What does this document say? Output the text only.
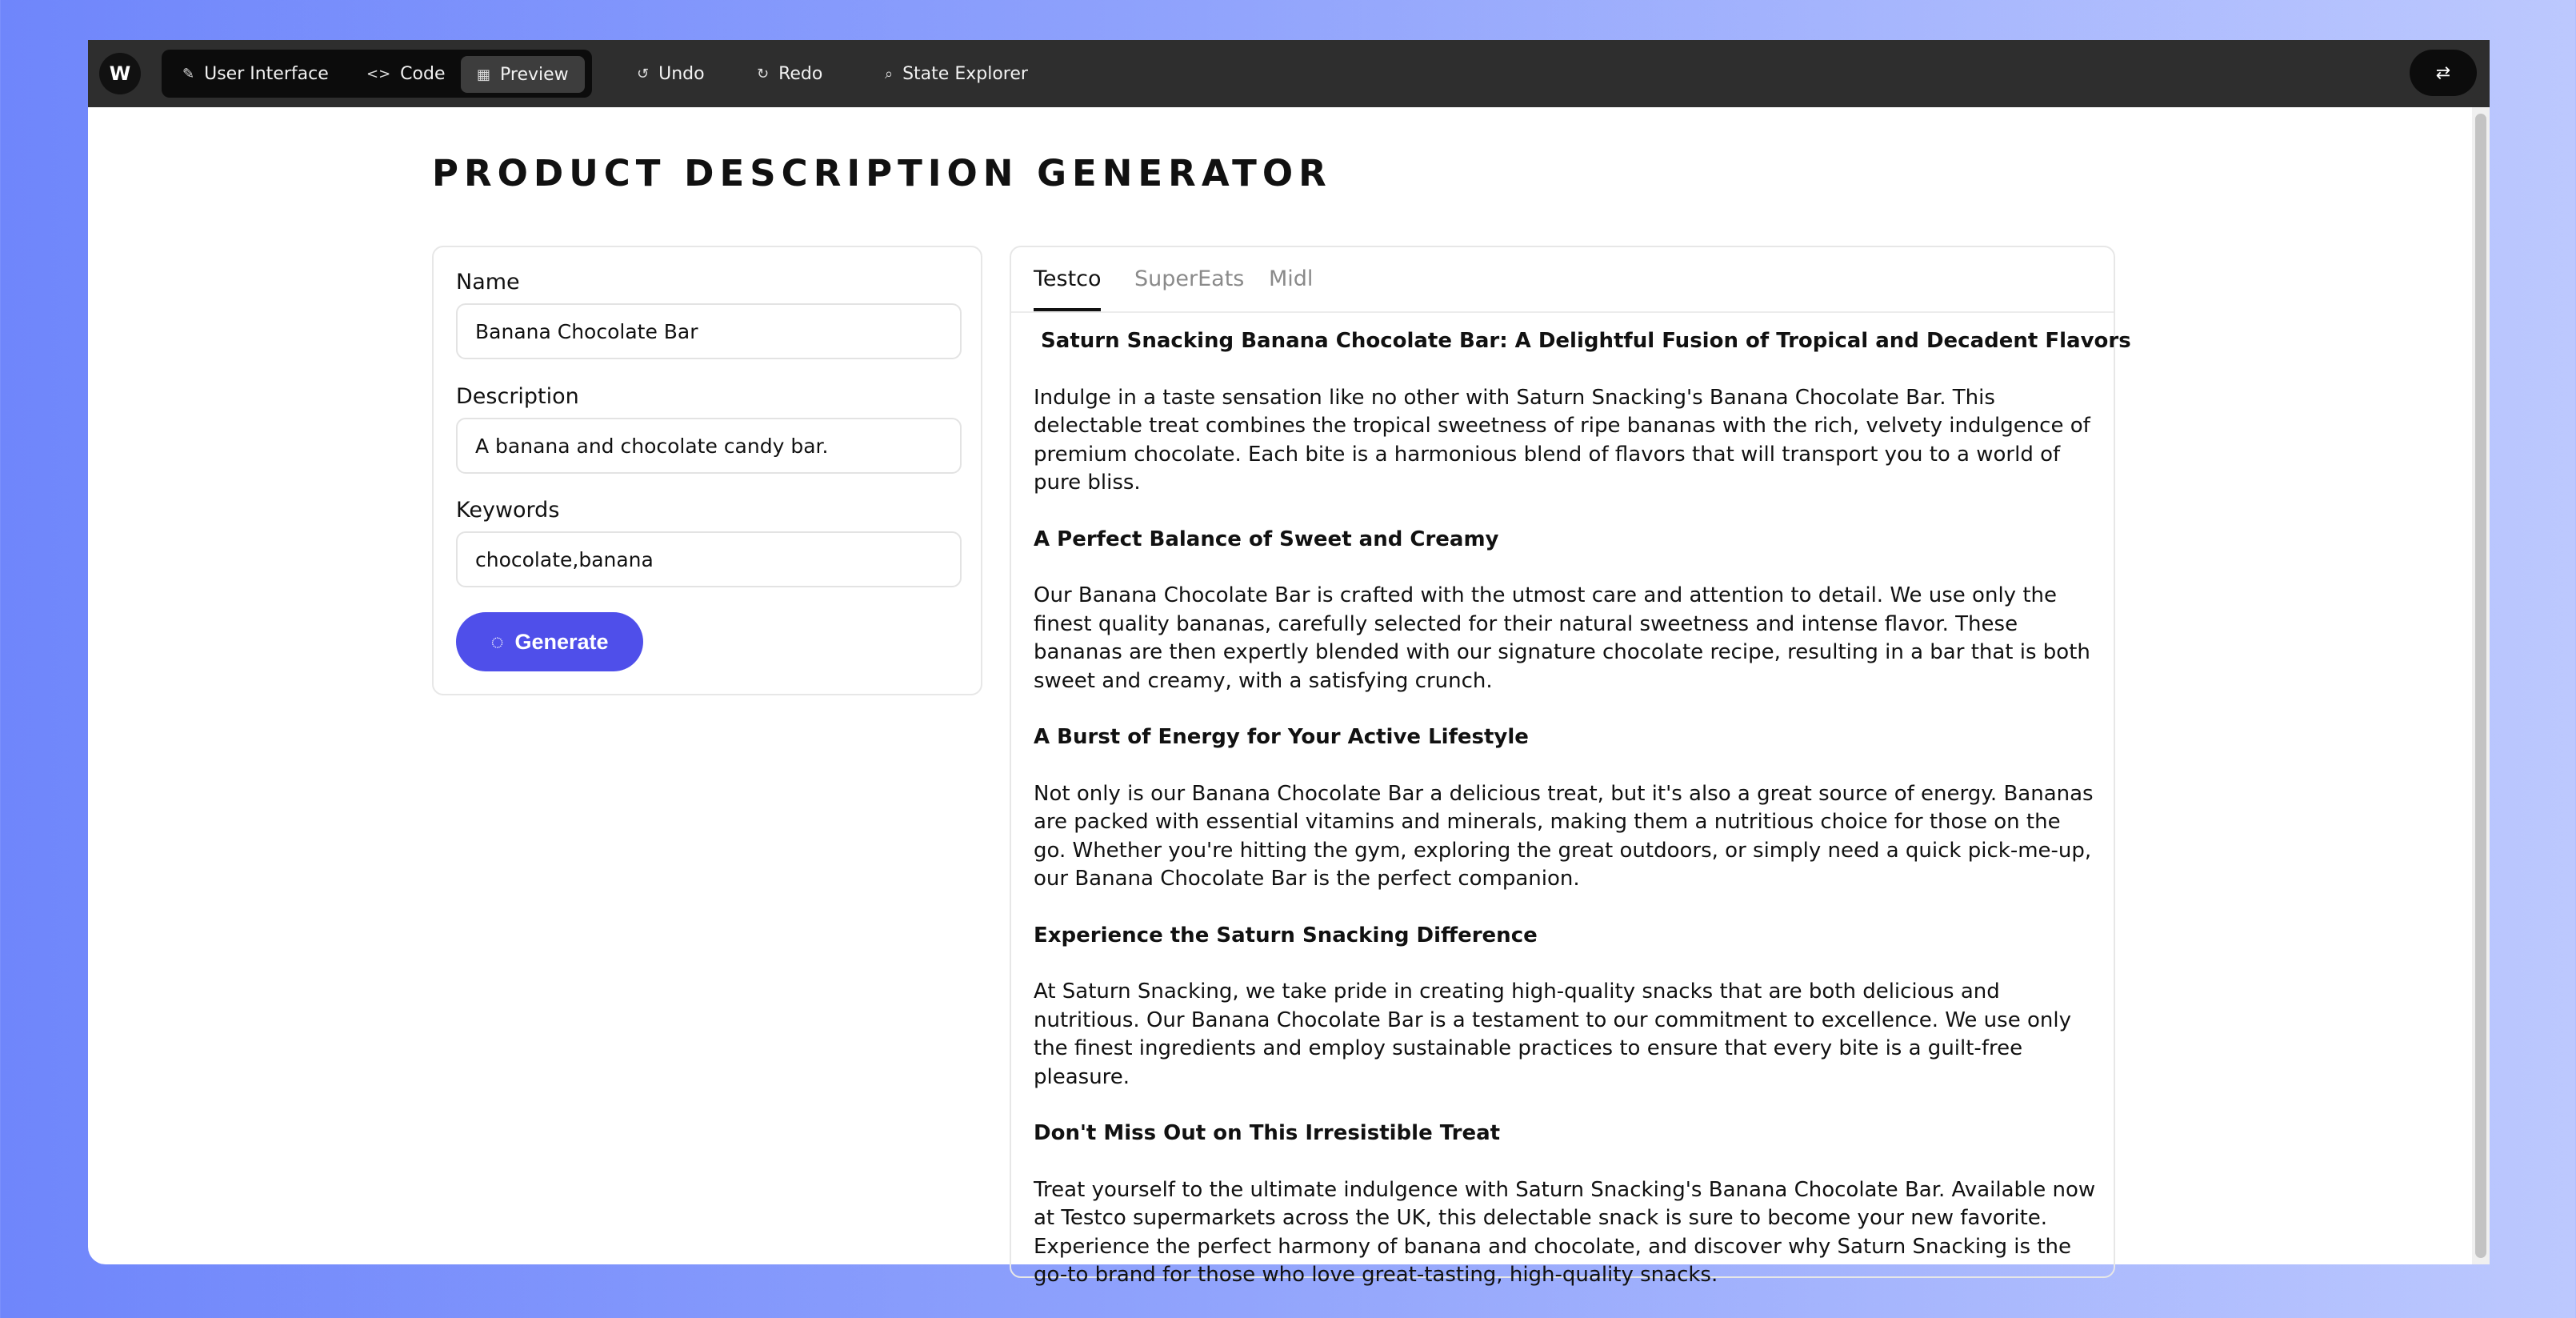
W	✎ User Interface	<> Code ▦ Preview	↺ Undo	↻ Redo	⌕ State Explorer	⇄
PRODUCT DESCRIPTION GENERATOR
Name
Banana Chocolate Bar
Description
A banana and chocolate candy bar.
Keywords
chocolate,banana
◌ Generate
Testco SuperEats Midl
Saturn Snacking Banana Chocolate Bar: A Delightful Fusion of Tropical and Decadent Flavors

Indulge in a taste sensation like no other with Saturn Snacking's Banana Chocolate Bar. This delectable treat combines the tropical sweetness of ripe bananas with the rich, velvety indulgence of premium chocolate. Each bite is a harmonious blend of flavors that will transport you to a world of pure bliss.

A Perfect Balance of Sweet and Creamy

Our Banana Chocolate Bar is crafted with the utmost care and attention to detail. We use only the finest quality bananas, carefully selected for their natural sweetness and intense flavor. These bananas are then expertly blended with our signature chocolate recipe, resulting in a bar that is both sweet and creamy, with a satisfying crunch.

A Burst of Energy for Your Active Lifestyle

Not only is our Banana Chocolate Bar a delicious treat, but it's also a great source of energy. Bananas are packed with essential vitamins and minerals, making them a nutritious choice for those on the go. Whether you're hitting the gym, exploring the great outdoors, or simply need a quick pick-me-up, our Banana Chocolate Bar is the perfect companion.

Experience the Saturn Snacking Difference

At Saturn Snacking, we take pride in creating high-quality snacks that are both delicious and nutritious. Our Banana Chocolate Bar is a testament to our commitment to excellence. We use only the finest ingredients and employ sustainable practices to ensure that every bite is a guilt-free pleasure.

Don't Miss Out on This Irresistible Treat

Treat yourself to the ultimate indulgence with Saturn Snacking's Banana Chocolate Bar. Available now at Testco supermarkets across the UK, this delectable snack is sure to become your new favorite. Experience the perfect harmony of banana and chocolate, and discover why Saturn Snacking is the go-to brand for those who love great-tasting, high-quality snacks.
